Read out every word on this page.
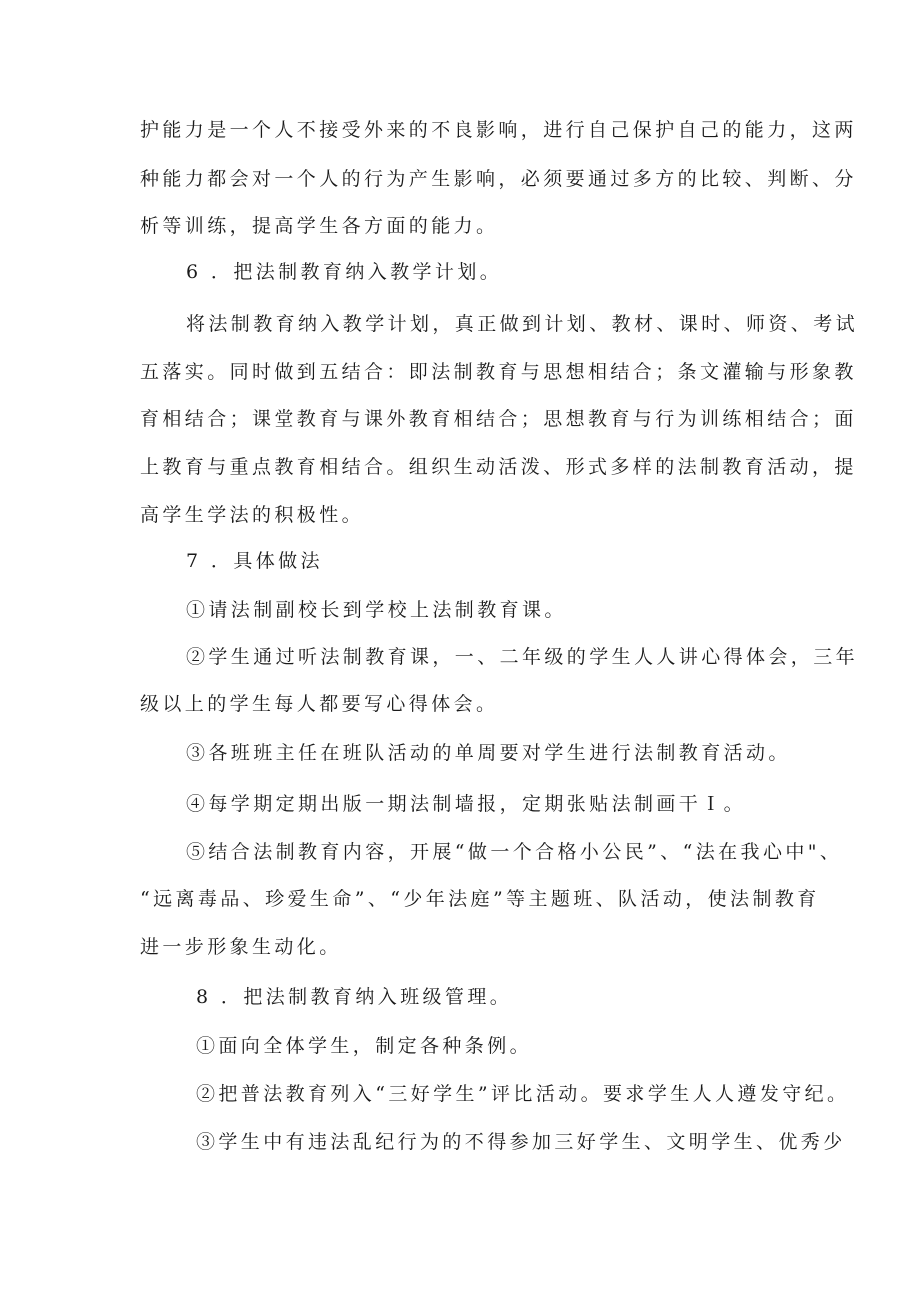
护能力是一个人不接受外来的不良影响，进行自己保护自己的能力，这两
种能力都会对一个人的行为产生影响，必须要通过多方的比较、判断、分
析等训练，提高学生各方面的能力。
6 ．把法制教育纳入教学计划。
将法制教育纳入教学计划，真正做到计划、教材、课时、师资、考试
五落实。同时做到五结合：即法制教育与思想相结合；条文灌输与形象教
育相结合；课堂教育与课外教育相结合；思想教育与行为训练相结合；面
上教育与重点教育相结合。组织生动活泼、形式多样的法制教育活动，提
高学生学法的积极性。
7 ．具体做法
①请法制副校长到学校上法制教育课。
②学生通过听法制教育课，一、二年级的学生人人讲心得体会，三年
级以上的学生每人都要写心得体会。
③各班班主任在班队活动的单周要对学生进行法制教育活动。
④每学期定期出版一期法制墙报，定期张贴法制画干Ｉ。
⑤结合法制教育内容，开展“做一个合格小公民”、“法在我心中"、
“远离毒品、珍爱生命”、“少年法庭”等主题班、队活动，使法制教育
进一步形象生动化。
8 ．把法制教育纳入班级管理。
①面向全体学生，制定各种条例。
②把普法教育列入“三好学生”评比活动。要求学生人人遵发守纪。
③学生中有违法乱纪行为的不得参加三好学生、文明学生、优秀少
